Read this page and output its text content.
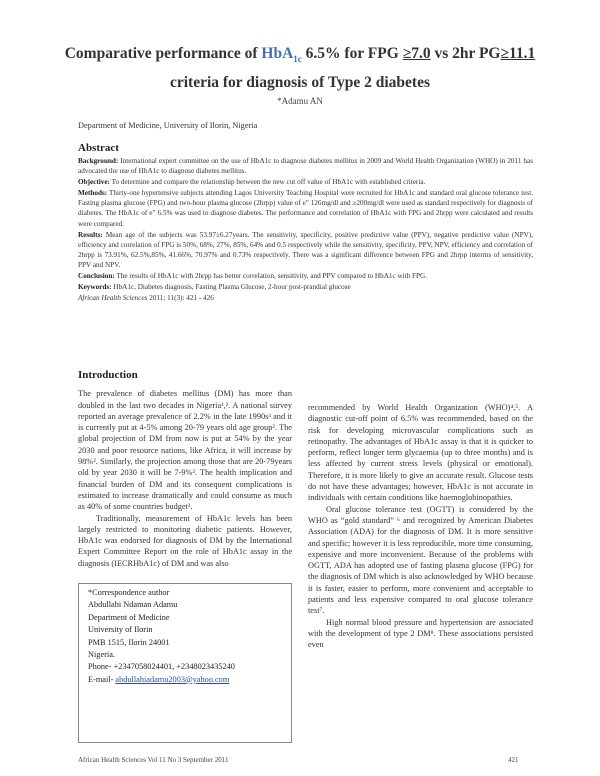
Comparative performance of HbA$_{1c}$ 6.5% for FPG ≥7.0 vs 2hr PG≥11.1
criteria for diagnosis of Type 2 diabetes
*Adamu AN
Department of Medicine, University of Ilorin, Nigeria
Abstract

Background: International expert committee on the use of HbA1c to diagnose diabetes mellitus in 2009 and World Health Organization (WHO) in 2011 has advocated the use of HbA1c to diagnose diabetes mellitus.

Objective: To determine and compare the relationship between the new cut off value of HbA1c with established criteria.

Methods: Thirty-one hypertensive subjects attending Lagos University Teaching Hospital were recruited for HbA1c and standard oral glucose tolerance test. Fasting plasma glucose (FPG) and two-hour plasma glucose (2hrpp) value of e" 126mg/dl and ≥200mg/dl were used as standard respectively for diagnosis of diabetes. The HbA1c of e" 6.5% was used to diagnose diabetes. The performance and correlation of HbA1c with FPG and 2hrpp were calculated and results were compared.

Results: Mean age of the subjects was 53.97±6.27years. The sensitivity, specificity, positive predictive value (PPV), negative predictive value (NPV), efficiency and correlation of FPG is 50%, 68%, 27%, 85%, 64% and 0.5 respectively while the sensitivity, specificity, PPV, NPV, efficiency and correlation of 2hrpp is 73.91%, 62.5%,85%, 41.66%, 70.97% and 0.73% respectively. There was a significant difference between FPG and 2hrpp interms of sensitivity, PPV and NPV.

Conclusion: The results of HbA1c with 2hrpp has better correlation, sensitivity, and PPV compared to HbA1c with FPG.

Keywords: HbA1c, Diabetes diagnosis, Fasting Plasma Glucose, 2-hour post-prandial glucose

African Health Sciences 2011; 11(3): 421 - 426

Introduction

The prevalence of diabetes mellitus (DM) has more than doubled in the last two decades in Nigeria¹,². A national survey reported an average prevalence of 2.2% in the late 1990s³ and it is currently put at 4-5% among 20-79 years old age group². The global projection of DM from now is put at 54% by the year 2030 and poor resource nations, like Africa, it will increase by 98%². Similarly, the projection among those that are 20-79years old by year 2030 it will be 7-9%². The health implication and financial burden of DM and its consequent complications is estimated to increase dramatically and could consume as much as 40% of some countries budget³.

Traditionally, measurement of HbA1c levels has been largely restricted to monitoring diabetic patients. However, HbA1c was endorsed for diagnosis of DM by the International Expert Committee Report on the role of HbA1c assay in the diagnosis (IECRHbA1c) of DM and was also

recommended by World Health Organization (WHO)⁴,⁵. A diagnostic cut-off point of 6.5% was recommended, based on the risk for developing microvascular complications such as retinopathy. The advantages of HbA1c assay is that it is quicker to perform, reflect longer term glycaemia (up to three months) and is less affected by current stress levels (physical or emotional). Therefore, it is more likely to give an accurate result. Glucose tests do not have these advantages; however, HbA1c is not accurate in individuals with certain conditions like haemoglobinopathies.

Oral glucose tolerance test (OGTT) is considered by the WHO as “gold standard” ⁶ and recognized by American Diabetes Association (ADA) for the diagnosis of DM. It is more sensitive and specific; however it is less reproducible, more time consuming, expensive and more inconvenient. Because of the problems with OGTT, ADA has adopted use of fasting plasma glucose (FPG) for the diagnosis of DM which is also acknowledged by WHO because it is faster, easier to perform, more convenient and acceptable to patients and less expensive compared to oral glucose tolerance test⁷.

High normal blood pressure and hypertension are associated with the development of type 2 DM⁸. These associations persisted even

*Correspondence author
Abdullahi Ndaman Adamu
Department of Medicine
University of Ilorin
PMB 1515, Ilorin 24001
Nigeria.
Phone- +2347058024401, +2348023435240
E-mail- abdullahiadamu2003@yahoo.com
African Health Sciences Vol 11 No 3 September 2011	421
